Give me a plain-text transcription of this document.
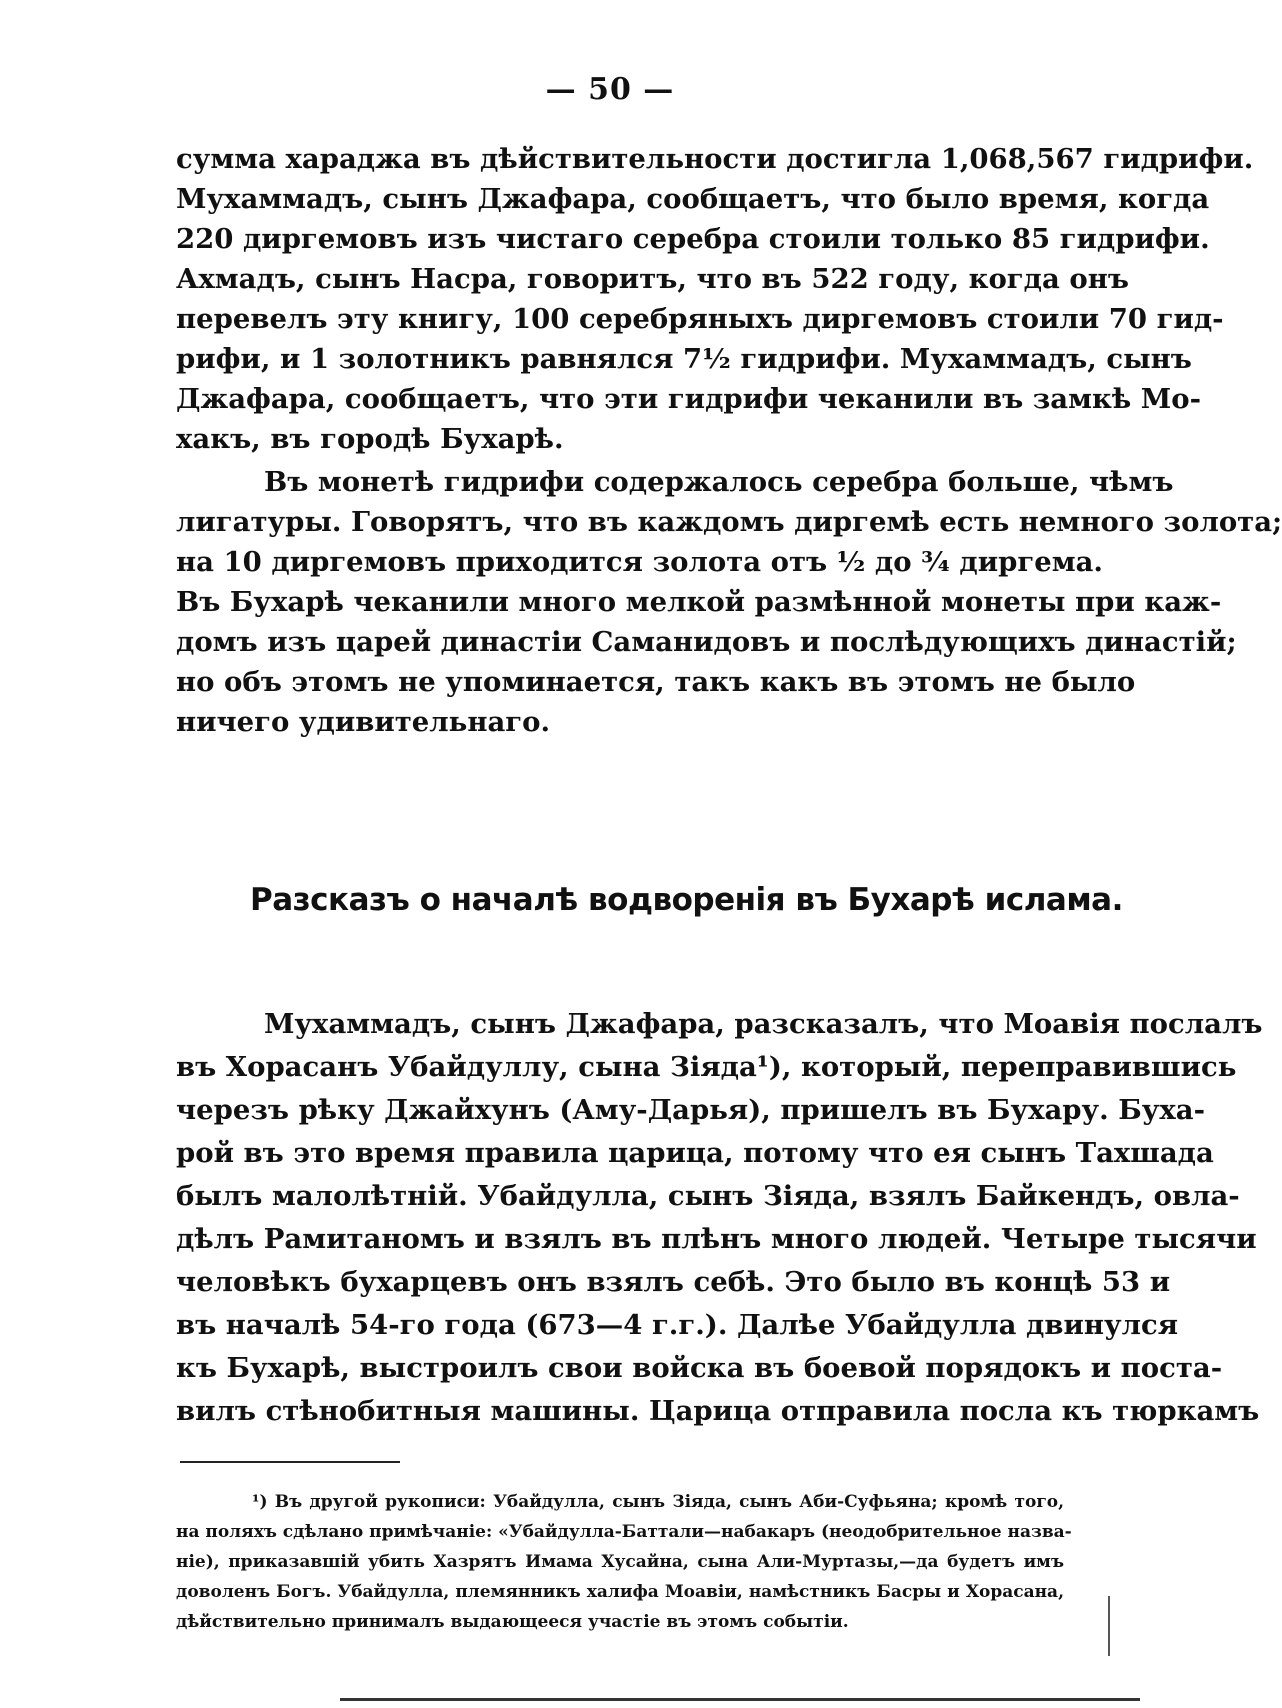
— 50 —
сумма хараджа въ дѣйствительности достигла 1,068,567 гидрифи.
Мухаммадъ, сынъ Джафара, сообщаетъ, что было время, когда
220 диргемовъ изъ чистаго серебра стоили только 85 гидрифи.
Ахмадъ, сынъ Насра, говоритъ, что въ 522 году, когда онъ
перевелъ эту книгу, 100 серебряныхъ диргемовъ стоили 70 гид-
рифи, и 1 золотникъ равнялся 7½ гидрифи. Мухаммадъ, сынъ
Джафара, сообщаетъ, что эти гидрифи чеканили въ замкѣ Мо-
хакъ, въ городѣ Бухарѣ.
Въ монетѣ гидрифи содержалось серебра больше, чѣмъ
лигатуры. Говорятъ, что въ каждомъ диргемѣ есть немного золота;
на 10 диргемовъ приходится золота отъ ½ до ¾ диргема.
Въ Бухарѣ чеканили много мелкой размѣнной монеты при каж-
домъ изъ царей династіи Саманидовъ и послѣдующихъ династій;
но объ этомъ не упоминается, такъ какъ въ этомъ не было
ничего удивительнаго.
Разсказъ о началѣ водворенія въ Бухарѣ ислама.
Мухаммадъ, сынъ Джафара, разсказалъ, что Моавія послалъ
въ Хорасанъ Убайдуллу, сына Зіяда¹), который, переправившись
черезъ рѣку Джайхунъ (Аму-Дарья), пришелъ въ Бухару. Буха-
рой въ это время правила царица, потому что ея сынъ Тахшада
былъ малолѣтній. Убайдулла, сынъ Зіяда, взялъ Байкендъ, овла-
дѣлъ Рамитаномъ и взялъ въ плѣнъ много людей. Четыре тысячи
человѣкъ бухарцевъ онъ взялъ себѣ. Это было въ концѣ 53 и
въ началѣ 54-го года (673—4 г.г.). Далѣе Убайдулла двинулся
къ Бухарѣ, выстроилъ свои войска въ боевой порядокъ и поста-
вилъ стѣнобитныя машины. Царица отправила посла къ тюркамъ
¹) Въ другой рукописи: Убайдулла, сынъ Зіяда, сынъ Аби-Суфьяна; кромѣ того,
на поляхъ сдѣлано примѣчаніе: «Убайдулла-Баттали—набакаръ (неодобрительное назва-
ніе), приказавшій убить Хазрятъ Имама Хусайна, сына Али-Муртазы,—да будетъ имъ
доволенъ Богъ. Убайдулла, племянникъ халифа Моавіи, намѣстникъ Басры и Хорасана,
дѣйствительно принималъ выдающееся участіе въ этомъ событіи.
